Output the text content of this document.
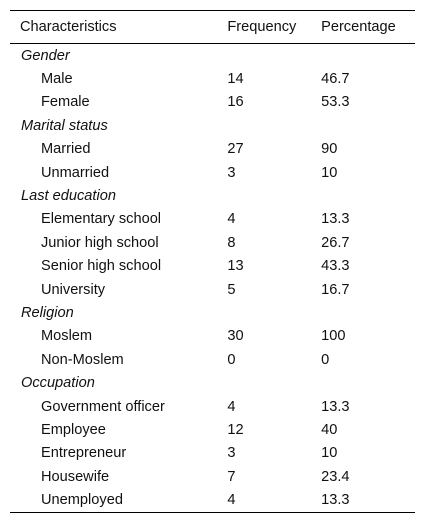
Characteristics	Frequency	Percentage
Gender		
Male	14	46.7
Female	16	53.3
Marital status		
Married	27	90
Unmarried	3	10
Last education		
Elementary school	4	13.3
Junior high school	8	26.7
Senior high school	13	43.3
University	5	16.7
Religion		
Moslem	30	100
Non-Moslem	0	0
Occupation		
Government officer	4	13.3
Employee	12	40
Entrepreneur	3	10
Housewife	7	23.4
Unemployed	4	13.3
